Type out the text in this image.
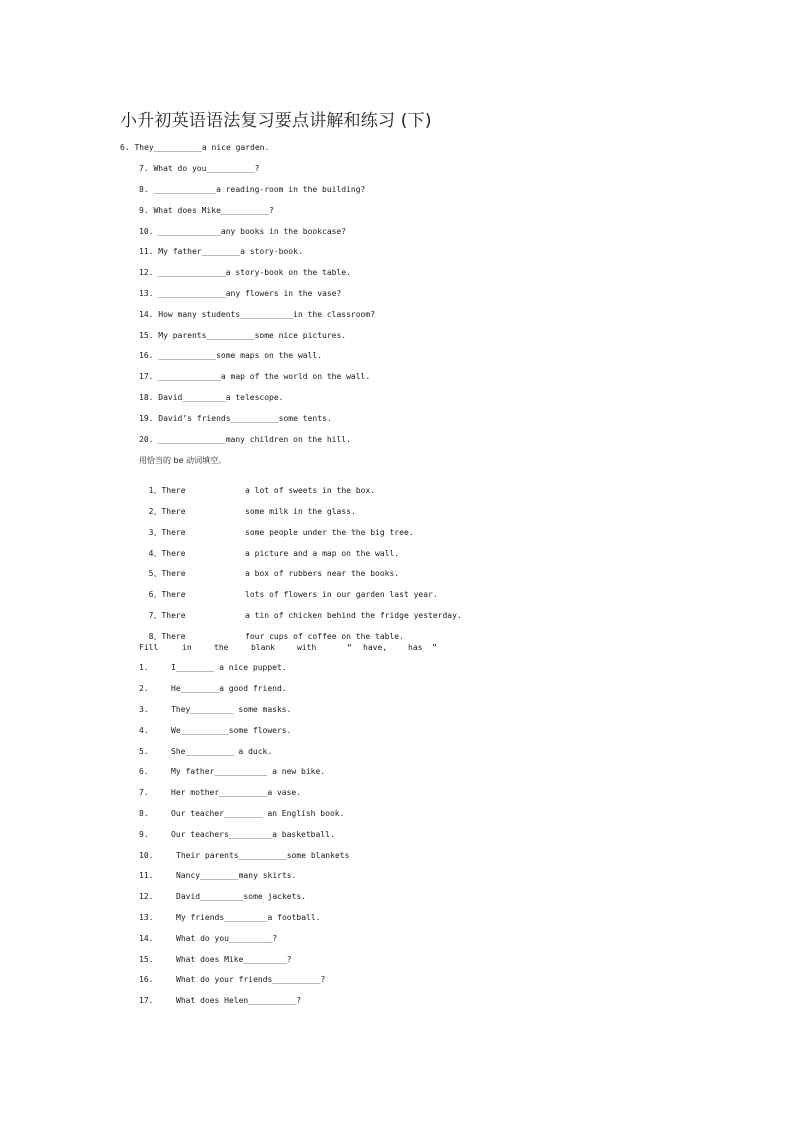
小升初英语语法复习要点讲解和练习 (下)
6. They__________a nice garden.
7. What do you__________?
8. _____________a reading-room in the building?
9. What does Mike__________?
10. _____________any books in the bookcase?
11. My father________a story-book.
12. ______________a story-book on the table.
13. ______________any flowers in the vase?
14. How many students___________in the classroom?
15. My parents__________some nice pictures.
16. ____________some maps on the wall.
17. _____________a map of the world on the wall.
18. David_________a telescope.
19. David’s friends__________some tents.
20. ______________many children on the hill.
用恰当的 be 动词填空。

1、There	a lot of sweets in the box.

2、There	some milk in the glass.

3、There	some people under the the big tree.

4、There	a picture and a map on the wall.

5、There	a box of rubbers near the books.

6、There	lots of flowers in our garden last year.

7、There	a tin of chicken behind the fridge yesterday.

8、There	four cups of coffee on the table.

Fill

	in

	the

	blank

	with

	“

have,

	has

”

1.	I________ a nice puppet.
2.	He________a good friend.
3.	They_________ some masks.
4.	We__________some flowers.
5.	She__________ a duck.
6.	My father___________ a new bike.
7.	Her mother__________a vase.
8.	Our teacher________ an English book.
9.	Our teachers_________a basketball.
10.	Their parents__________some blankets
11.	Nancy________many skirts.
12.	David_________some jackets.
13.	My friends_________a football.
14.	What do you_________?
15.	What does Mike_________?
16.	What do your friends__________?
17.	What does Helen__________?
